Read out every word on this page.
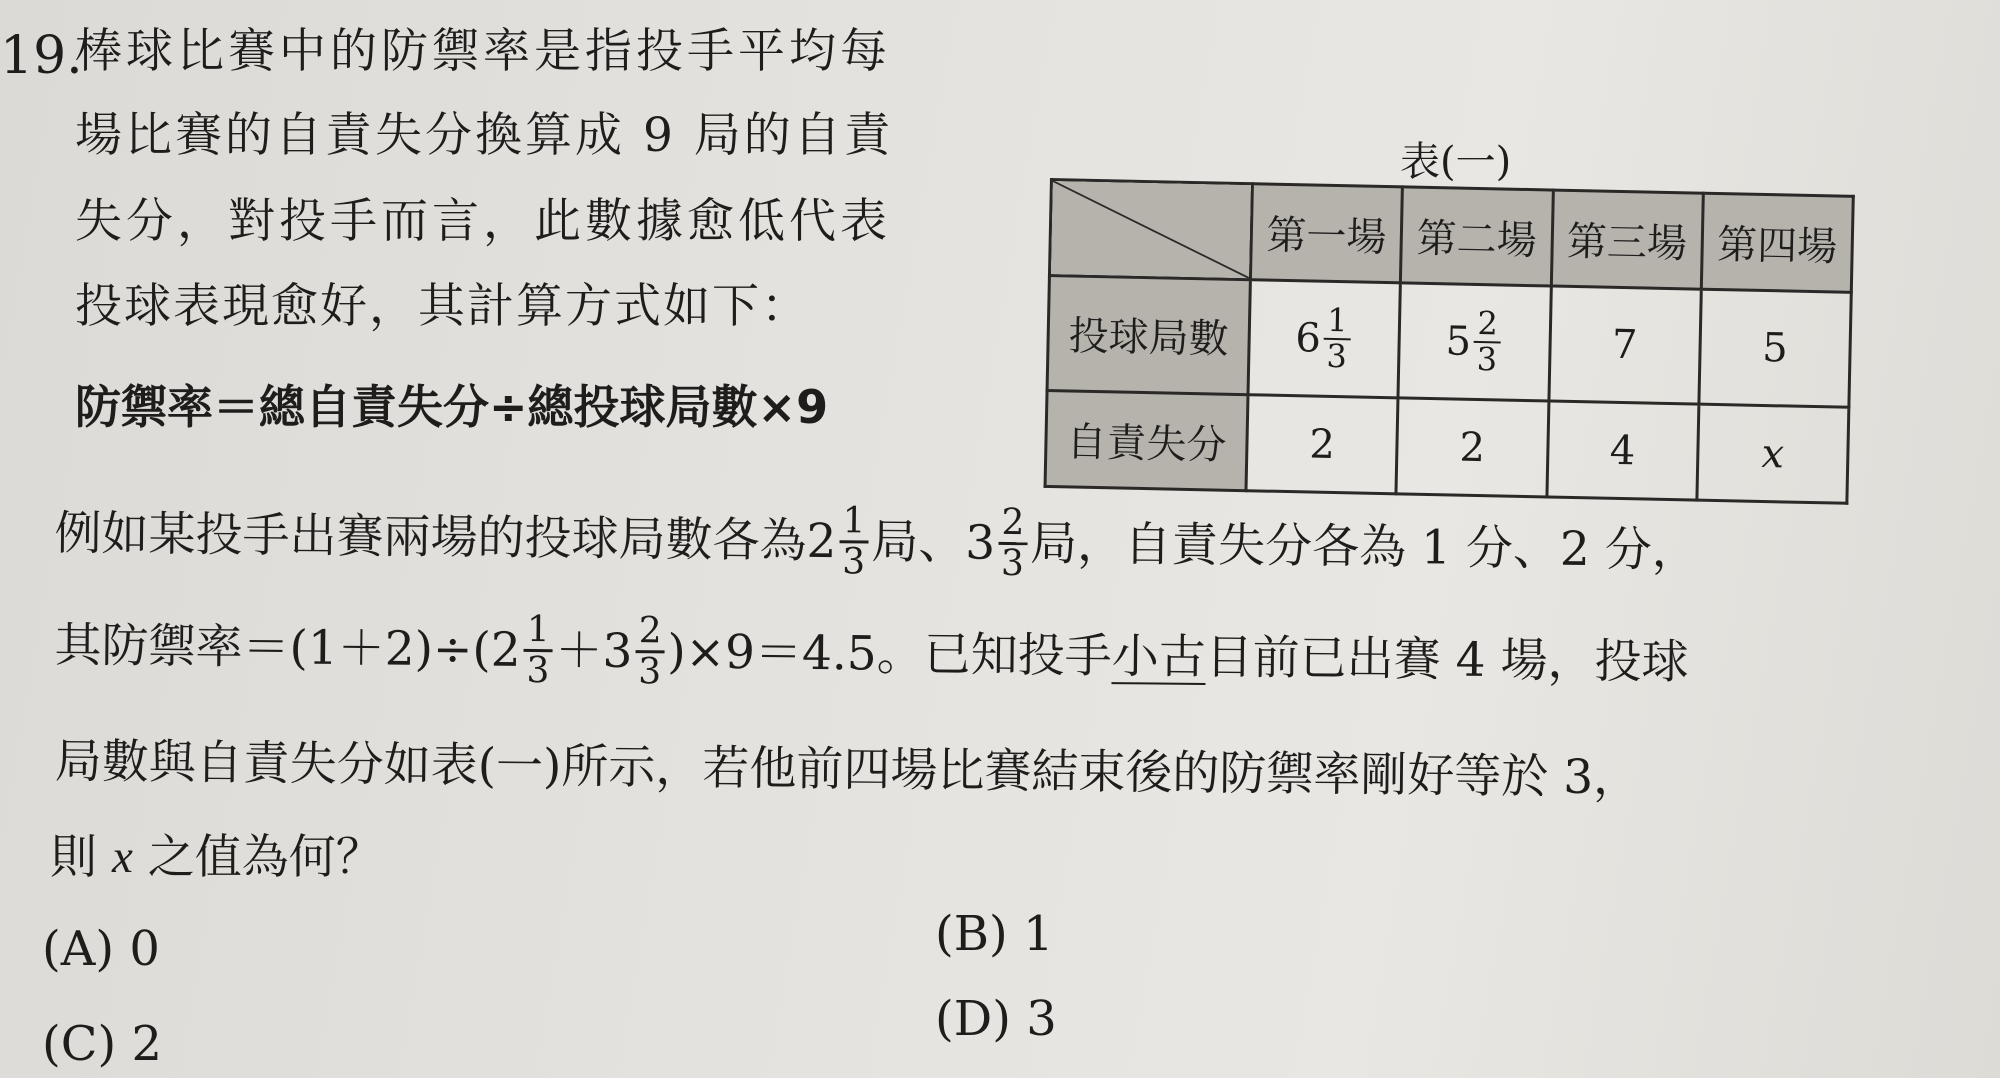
19.
棒球比賽中的防禦率是指投手平均每
場比賽的自責失分換算成 9 局的自責
失分，對投手而言，此數據愈低代表
投球表現愈好，其計算方式如下：
防禦率＝總自責失分÷總投球局數×9
表(一)
	第一場	第二場	第三場	第四場
投球局數	$6 \frac{1}{3}$	$5 \frac{2}{3}$	7	5
自責失分	2	2	4	x
例如某投手出賽兩場的投球局數各為$2 \frac{1}{3}$ 局、$3 \frac{2}{3}$ 局，自責失分各為 1 分、2 分，
其防禦率$=(1+2)\div(2 \frac{1}{3} +3 \frac{2}{3} )\times 9=4.5$。已知投手小古目前已出賽 4 場，投球
局數與自責失分如表(一)所示，若他前四場比賽結束後的防禦率剛好等於 3，
則 x 之值為何？
(A) 0	(B) 1
(C) 2	(D) 3
